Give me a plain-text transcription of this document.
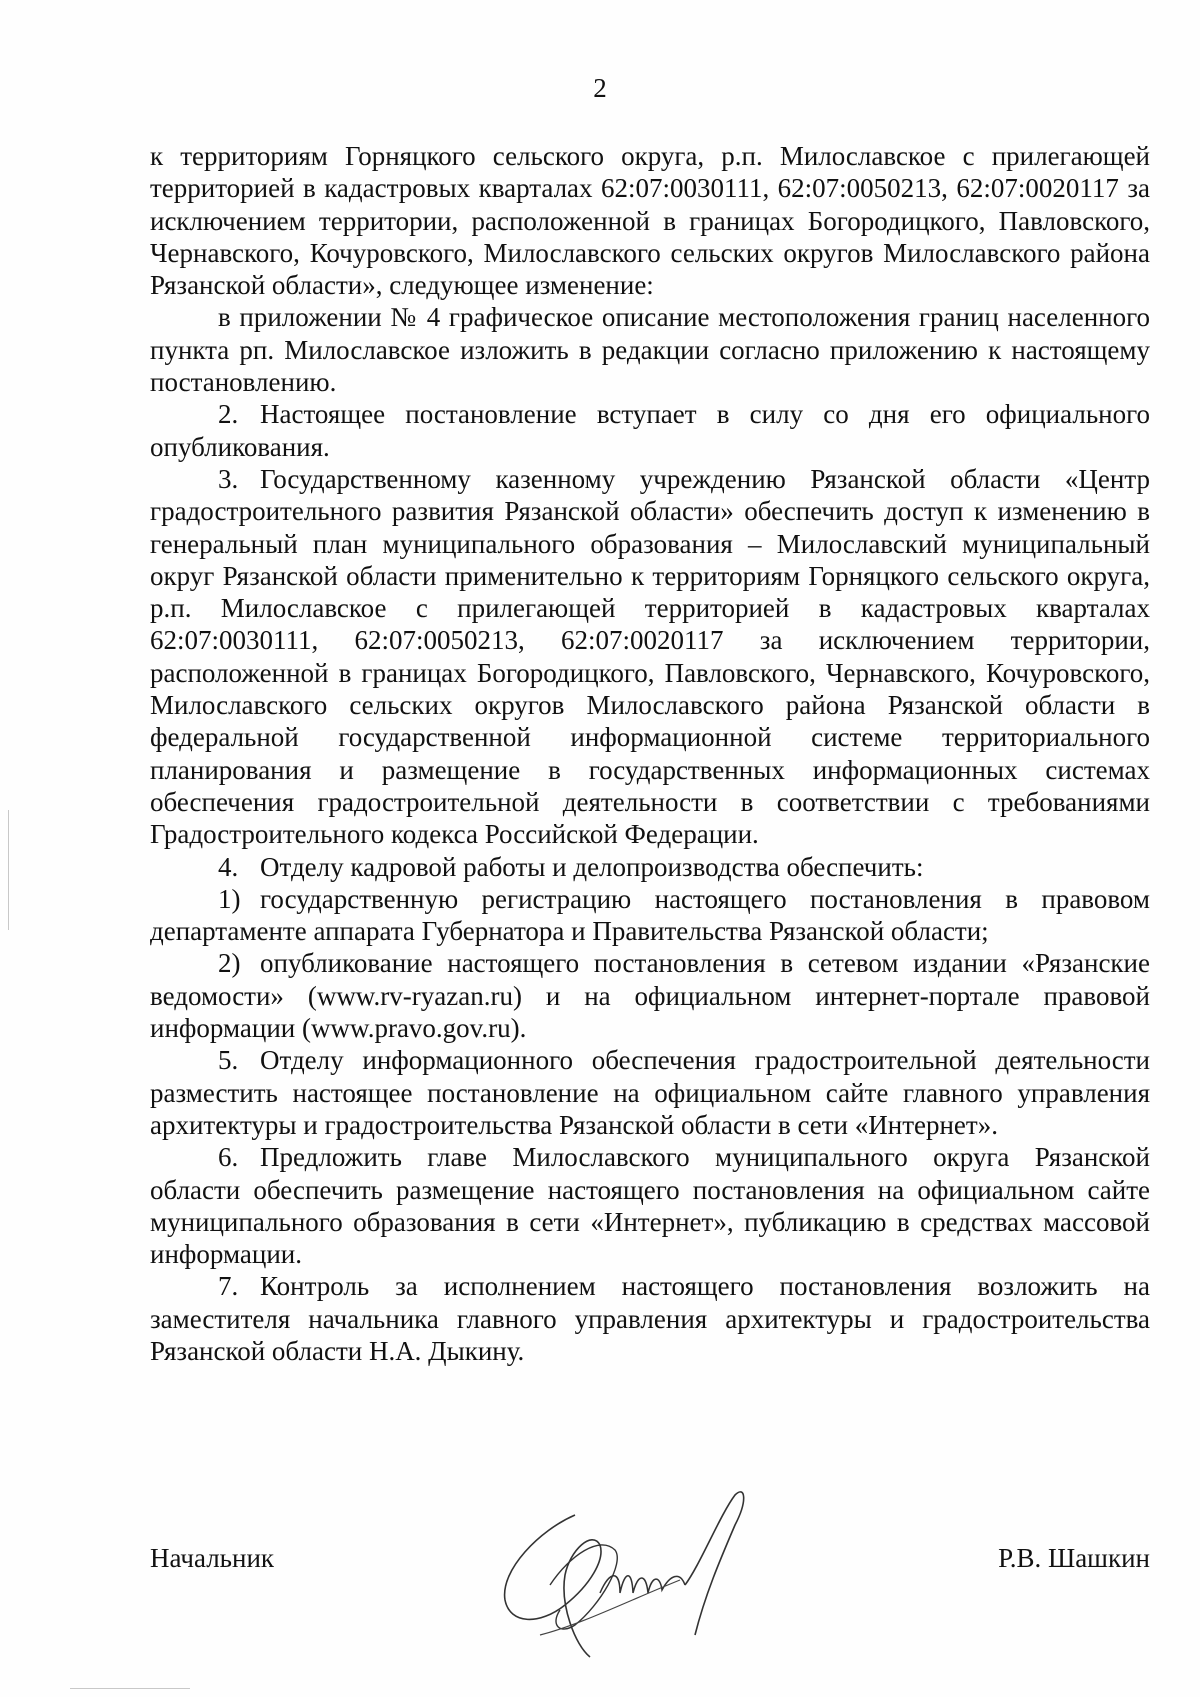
2

к территориям Горняцкого сельского округа, р.п. Милославское с прилегающей территорией в кадастровых кварталах 62:07:0030111, 62:07:0050213, 62:07:0020117 за исключением территории, расположенной в границах Богородицкого, Павловского, Чернавского, Кочуровского, Милославского сельских округов Милославского района Рязанской области», следующее изменение:

в приложении № 4 графическое описание местоположения границ населенного пункта рп. Милославское изложить в редакции согласно приложению к настоящему постановлению.

2. Настоящее постановление вступает в силу со дня его официального опубликования.

3. Государственному казенному учреждению Рязанской области «Центр градостроительного развития Рязанской области» обеспечить доступ к изменению в генеральный план муниципального образования – Милославский муниципальный округ Рязанской области применительно к территориям Горняцкого сельского округа, р.п. Милославское с прилегающей территорией в кадастровых кварталах 62:07:0030111, 62:07:0050213, 62:07:0020117 за исключением территории, расположенной в границах Богородицкого, Павловского, Чернавского, Кочуровского, Милославского сельских округов Милославского района Рязанской области в федеральной государственной информационной системе территориального планирования и размещение в государственных информационных системах обеспечения градостроительной деятельности в соответствии с требованиями Градостроительного кодекса Российской Федерации.

4. Отделу кадровой работы и делопроизводства обеспечить:

1) государственную регистрацию настоящего постановления в правовом департаменте аппарата Губернатора и Правительства Рязанской области;

2) опубликование настоящего постановления в сетевом издании «Рязанские ведомости» (www.rv-ryazan.ru) и на официальном интернет-портале правовой информации (www.pravo.gov.ru).

5. Отделу информационного обеспечения градостроительной деятельности разместить настоящее постановление на официальном сайте главного управления архитектуры и градостроительства Рязанской области в сети «Интернет».

6. Предложить главе Милославского муниципального округа Рязанской области обеспечить размещение настоящего постановления на официальном сайте муниципального образования в сети «Интернет», публикацию в средствах массовой информации.

7. Контроль за исполнением настоящего постановления возложить на заместителя начальника главного управления архитектуры и градостроительства Рязанской области Н.А. Дыкину.

Начальник	Р.В. Шашкин
